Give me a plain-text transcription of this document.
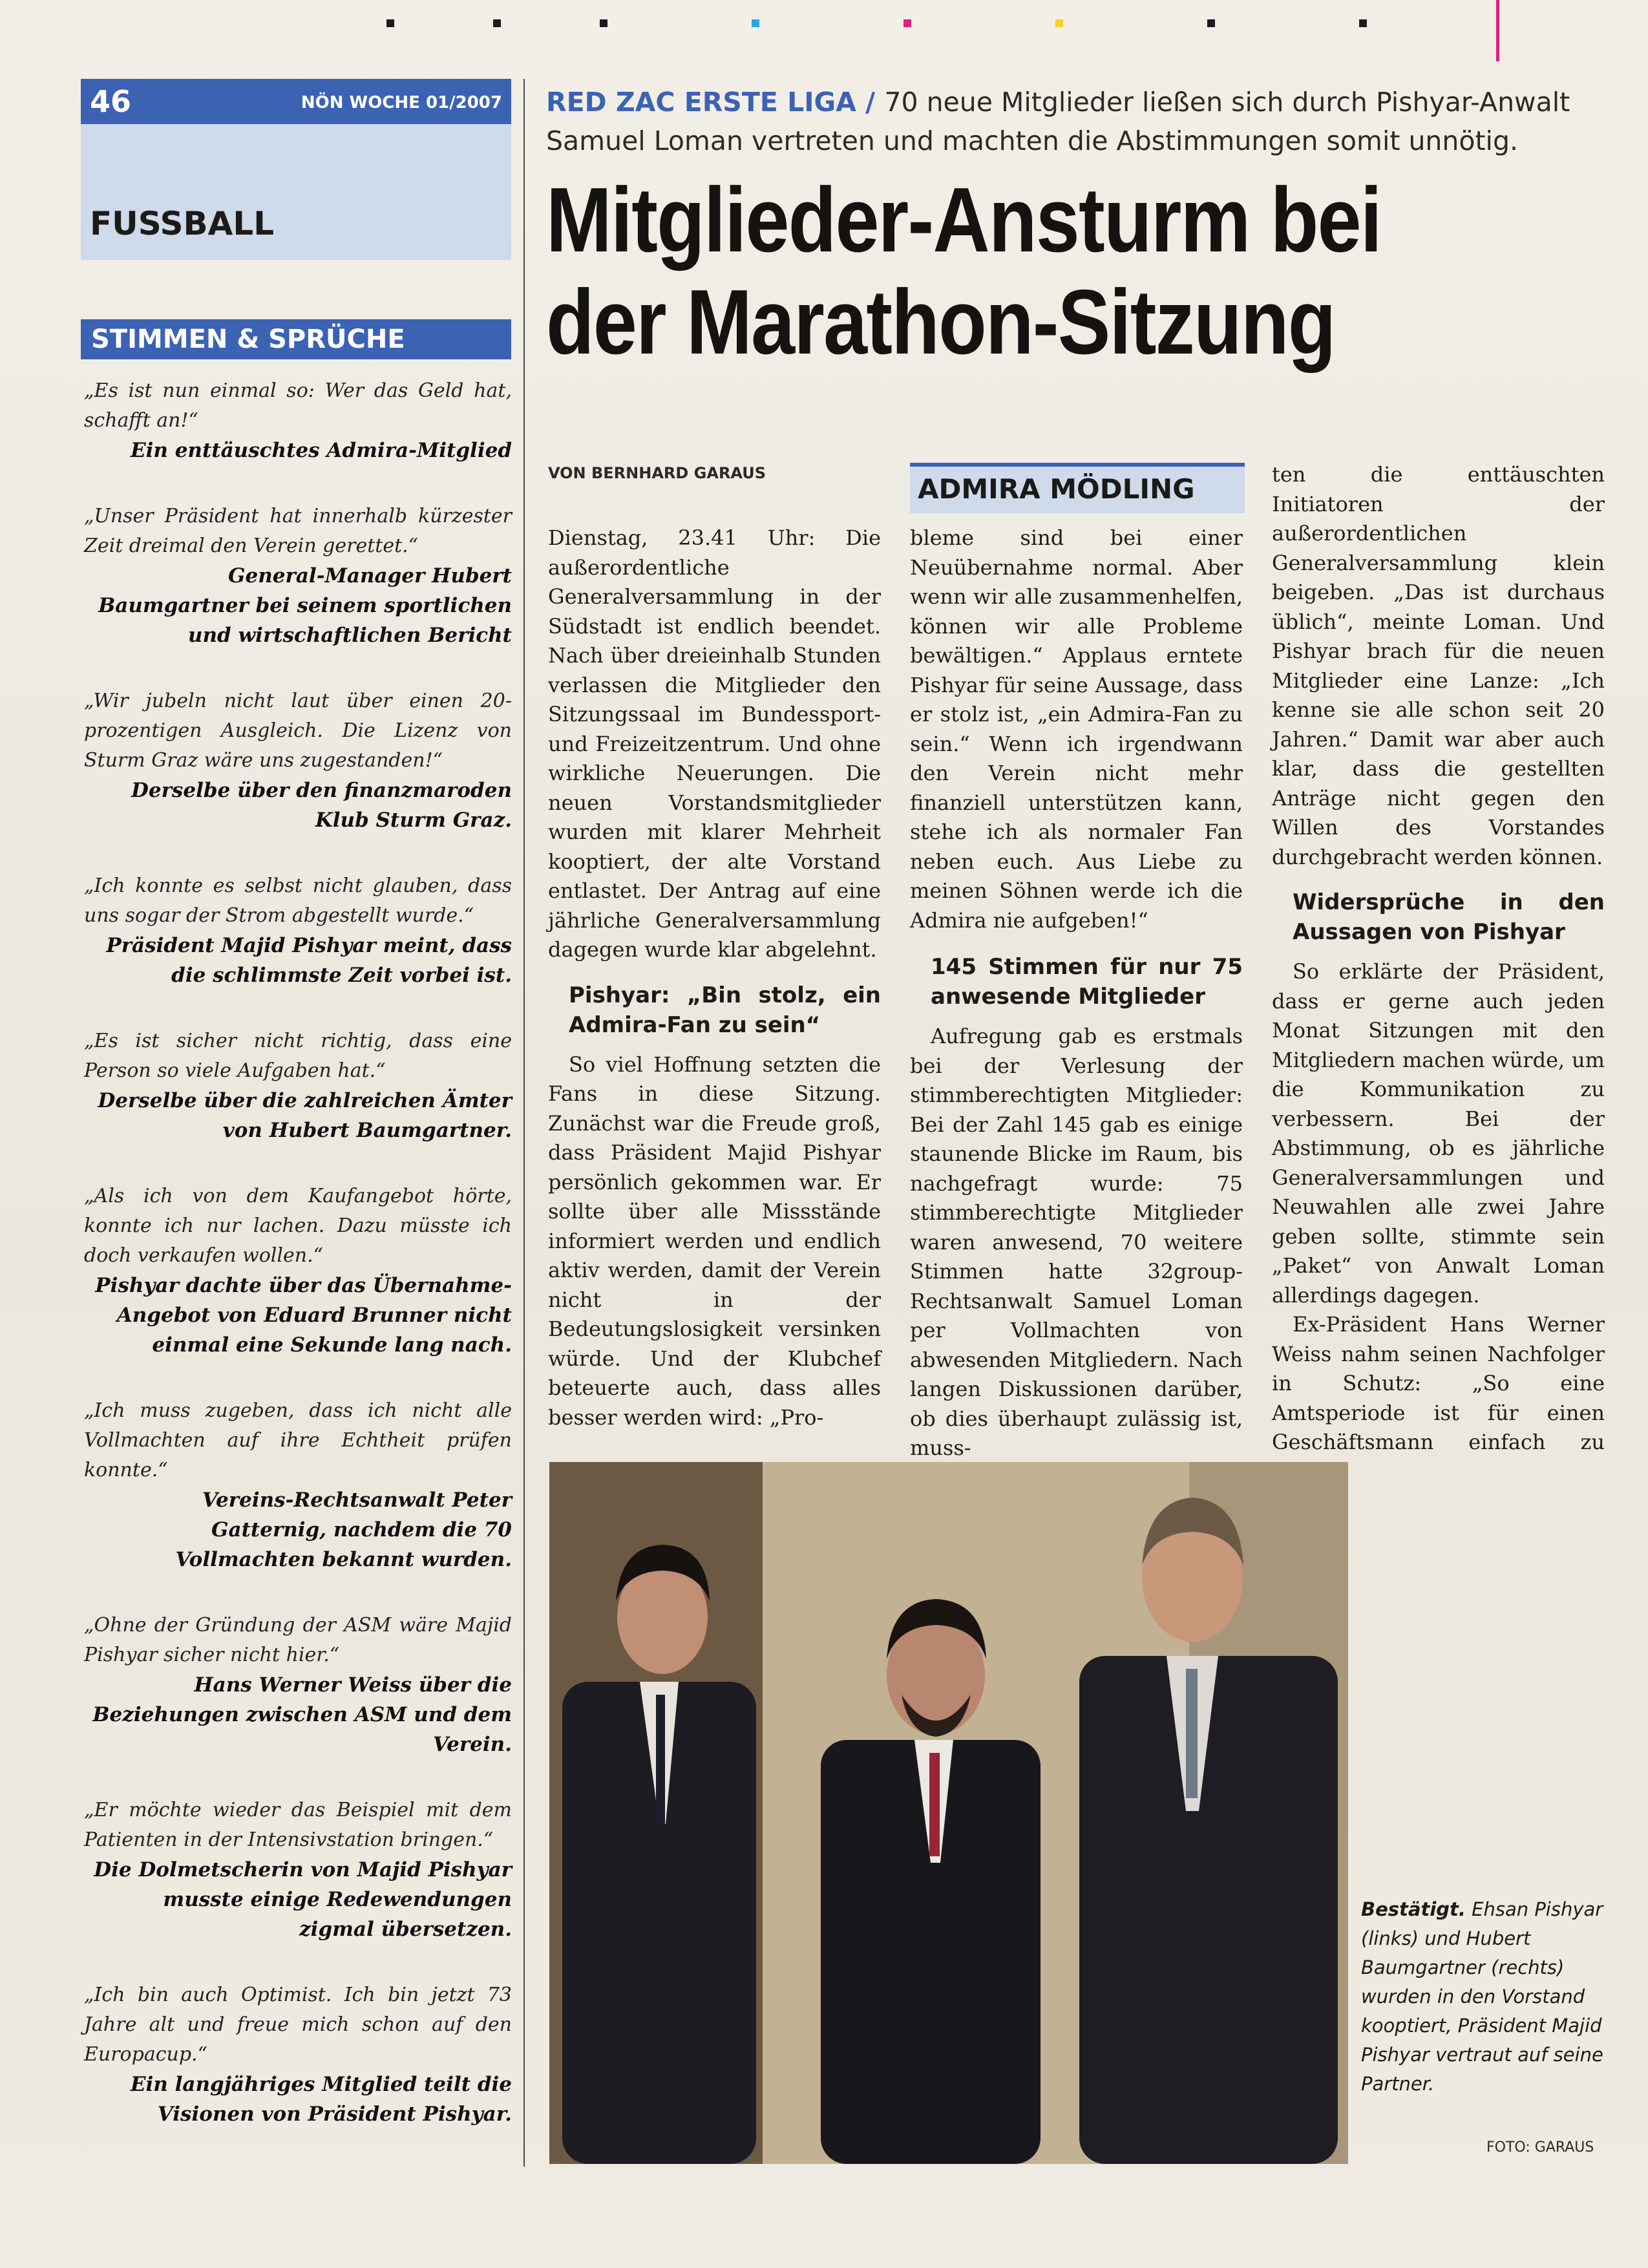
46	NÖN WOCHE 01/2007
FUSSBALL
STIMMEN & SPRÜCHE
„Es ist nun einmal so: Wer das Geld hat, schafft an!“
Ein enttäuschtes Admira-Mitglied
„Unser Präsident hat innerhalb kürzester Zeit dreimal den Verein gerettet.“
General-Manager Hubert Baumgartner bei seinem sportlichen und wirtschaftlichen Bericht
„Wir jubeln nicht laut über einen 20-prozentigen Ausgleich. Die Lizenz von Sturm Graz wäre uns zugestanden!“
Derselbe über den finanzmaroden Klub Sturm Graz.
„Ich konnte es selbst nicht glauben, dass uns sogar der Strom abgestellt wurde.“
Präsident Majid Pishyar meint, dass die schlimmste Zeit vorbei ist.
„Es ist sicher nicht richtig, dass eine Person so viele Aufgaben hat.“
Derselbe über die zahlreichen Ämter von Hubert Baumgartner.
„Als ich von dem Kaufangebot hörte, konnte ich nur lachen. Dazu müsste ich doch verkaufen wollen.“
Pishyar dachte über das Übernahme-Angebot von Eduard Brunner nicht einmal eine Sekunde lang nach.
„Ich muss zugeben, dass ich nicht alle Vollmachten auf ihre Echtheit prüfen konnte.“
Vereins-Rechtsanwalt Peter Gatternig, nachdem die 70 Vollmachten bekannt wurden.
„Ohne der Gründung der ASM wäre Majid Pishyar sicher nicht hier.“
Hans Werner Weiss über die Beziehungen zwischen ASM und dem Verein.
„Er möchte wieder das Beispiel mit dem Patienten in der Intensivstation bringen.“
Die Dolmetscherin von Majid Pishyar musste einige Redewendungen zigmal übersetzen.
„Ich bin auch Optimist. Ich bin jetzt 73 Jahre alt und freue mich schon auf den Europacup.“
Ein langjähriges Mitglied teilt die Visionen von Präsident Pishyar.
RED ZAC ERSTE LIGA / 70 neue Mitglieder ließen sich durch Pishyar-Anwalt Samuel Loman vertreten und machten die Abstimmungen somit unnötig.
Mitglieder-Ansturm bei der Marathon-Sitzung
VON BERNHARD GARAUS

Dienstag, 23.41 Uhr: Die außerordentliche Generalversammlung in der Südstadt ist endlich beendet. Nach über dreieinhalb Stunden verlassen die Mitglieder den Sitzungssaal im Bundessport- und Freizeitzentrum. Und ohne wirkliche Neuerungen. Die neuen Vorstandsmitglieder wurden mit klarer Mehrheit kooptiert, der alte Vorstand entlastet. Der Antrag auf eine jährliche Generalversammlung dagegen wurde klar abgelehnt.

Pishyar: „Bin stolz, ein Admira-Fan zu sein“

So viel Hoffnung setzten die Fans in diese Sitzung. Zunächst war die Freude groß, dass Präsident Majid Pishyar persönlich gekommen war. Er sollte über alle Missstände informiert werden und endlich aktiv werden, damit der Verein nicht in der Bedeutungslosigkeit versinken würde. Und der Klubchef beteuerte auch, dass alles besser werden wird: „Pro-

ADMIRA MÖDLING

bleme sind bei einer Neuübernahme normal. Aber wenn wir alle zusammenhelfen, können wir alle Probleme bewältigen.“ Applaus erntete Pishyar für seine Aussage, dass er stolz ist, „ein Admira-Fan zu sein.“ Wenn ich irgendwann den Verein nicht mehr finanziell unterstützen kann, stehe ich als normaler Fan neben euch. Aus Liebe zu meinen Söhnen werde ich die Admira nie aufgeben!“

145 Stimmen für nur 75 anwesende Mitglieder

Aufregung gab es erstmals bei der Verlesung der stimmberechtigten Mitglieder: Bei der Zahl 145 gab es einige staunende Blicke im Raum, bis nachgefragt wurde: 75 stimmberechtigte Mitglieder waren anwesend, 70 weitere Stimmen hatte 32group-Rechtsanwalt Samuel Loman per Vollmachten von abwesenden Mitgliedern. Nach langen Diskussionen darüber, ob dies überhaupt zulässig ist, muss-

ten die enttäuschten Initiatoren der außerordentlichen Generalversammlung klein beigeben. „Das ist durchaus üblich“, meinte Loman. Und Pishyar brach für die neuen Mitglieder eine Lanze: „Ich kenne sie alle schon seit 20 Jahren.“ Damit war aber auch klar, dass die gestellten Anträge nicht gegen den Willen des Vorstandes durchgebracht werden können.

Widersprüche in den Aussagen von Pishyar

So erklärte der Präsident, dass er gerne auch jeden Monat Sitzungen mit den Mitgliedern machen würde, um die Kommunikation zu verbessern. Bei der Abstimmung, ob es jährliche Generalversammlungen und Neuwahlen alle zwei Jahre geben sollte, stimmte sein „Paket“ von Anwalt Loman allerdings dagegen.

Ex-Präsident Hans Werner Weiss nahm seinen Nachfolger in Schutz: „So eine Amtsperiode ist für einen Geschäftsmann einfach zu

Bestätigt. Ehsan Pishyar (links) und Hubert Baumgartner (rechts) wurden in den Vorstand kooptiert, Präsident Majid Pishyar vertraut auf seine Partner.
FOTO: GARAUS
